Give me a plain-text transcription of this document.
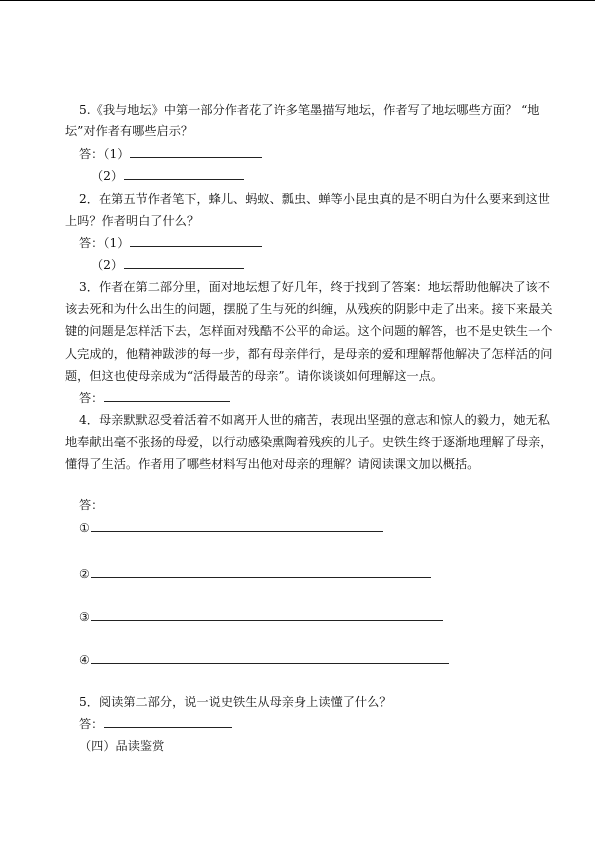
5.《我与地坛》中第一部分作者花了许多笔墨描写地坛，作者写了地坛哪些方面？ “地
坛”对作者有哪些启示？
答：（1）
（2）
2．在第五节作者笔下，蜂儿、蚂蚁、瓢虫、蝉等小昆虫真的是不明白为什么要来到这世
上吗？作者明白了什么？
答：（1）
（2）
3．作者在第二部分里，面对地坛想了好几年，终于找到了答案：地坛帮助他解决了该不
该去死和为什么出生的问题，摆脱了生与死的纠缠，从残疾的阴影中走了出来。接下来最关
键的问题是怎样活下去，怎样面对残酷不公平的命运。这个问题的解答，也不是史铁生一个
人完成的，他精神跋涉的每一步，都有母亲伴行，是母亲的爱和理解帮他解决了怎样活的问
题，但这也使母亲成为“活得最苦的母亲”。请你谈谈如何理解这一点。
答：
4．母亲默默忍受着活着不如离开人世的痛苦，表现出坚强的意志和惊人的毅力，她无私
地奉献出毫不张扬的母爱，以行动感染熏陶着残疾的儿子。史铁生终于逐渐地理解了母亲，
懂得了生活。作者用了哪些材料写出他对母亲的理解？请阅读课文加以概括。
答：
①
②
③
④
5．阅读第二部分，说一说史铁生从母亲身上读懂了什么？
答：
（四）品读鉴赏
